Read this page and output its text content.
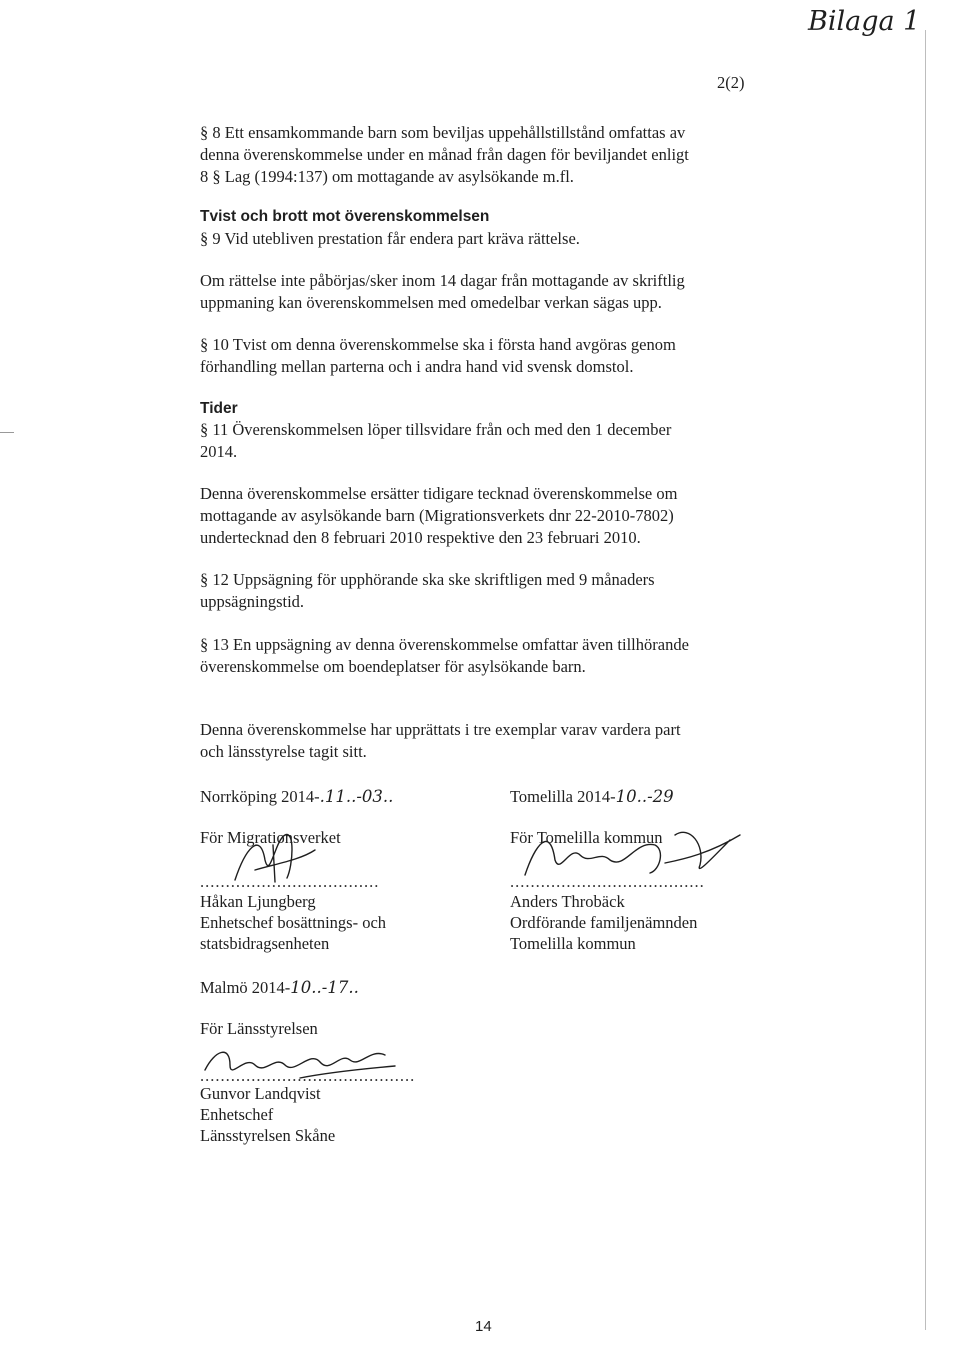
Bilaga 1
2(2)
§ 8 Ett ensamkommande barn som beviljas uppehållstillstånd omfattas av
denna överenskommelse under en månad från dagen för beviljandet enligt
8 § Lag (1994:137) om mottagande av asylsökande m.fl.
Tvist och brott mot överenskommelsen
§ 9 Vid utebliven prestation får endera part kräva rättelse.
Om rättelse inte påbörjas/sker inom 14 dagar från mottagande av skriftlig
uppmaning kan överenskommelsen med omedelbar verkan sägas upp.
§ 10 Tvist om denna överenskommelse ska i första hand avgöras genom
förhandling mellan parterna och i andra hand vid svensk domstol.
Tider
§ 11 Överenskommelsen löper tillsvidare från och med den 1 december
2014.
Denna överenskommelse ersätter tidigare tecknad överenskommelse om
mottagande av asylsökande barn (Migrationsverkets dnr 22-2010-7802)
undertecknad den 8 februari 2010 respektive den 23 februari 2010.
§ 12 Uppsägning för upphörande ska ske skriftligen med 9 månaders
uppsägningstid.
§ 13 En uppsägning av denna överenskommelse omfattar även tillhörande
överenskommelse om boendeplatser för asylsökande barn.
Denna överenskommelse har upprättats i tre exemplar varav vardera part
och länsstyrelse tagit sitt.
Norrköping 2014-.11..-03..
För Migrationsverket
...................................
Håkan Ljungberg
Enhetschef bosättnings- och
statsbidragsenheten
Tomelilla 2014-10..-29
För Tomelilla kommun
......................................
Anders Throbäck
Ordförande familjenämnden
Tomelilla kommun
Malmö 2014-10..-17..
För Länsstyrelsen
..........................................
Gunvor Landqvist
Enhetschef
Länsstyrelsen Skåne
14
